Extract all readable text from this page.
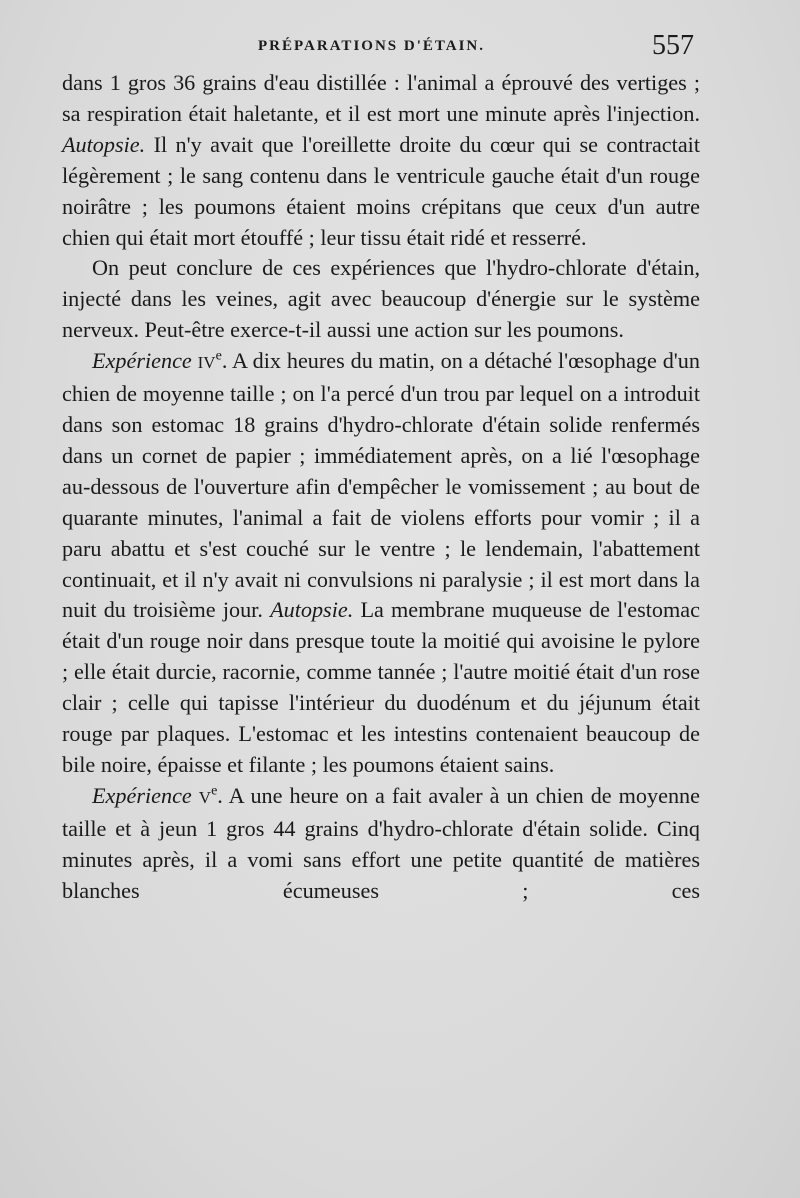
PRÉPARATIONS D'ÉTAIN.	557

dans 1 gros 36 grains d'eau distillée : l'animal a éprouvé des vertiges ; sa respiration était haletante, et il est mort une minute après l'injection. Autopsie. Il n'y avait que l'oreillette droite du cœur qui se contractait légèrement ; le sang contenu dans le ventricule gauche était d'un rouge noirâtre ; les poumons étaient moins crépitans que ceux d'un autre chien qui était mort étouffé ; leur tissu était ridé et resserré.

On peut conclure de ces expériences que l'hydro-chlorate d'étain, injecté dans les veines, agit avec beaucoup d'énergie sur le système nerveux. Peut-être exerce-t-il aussi une action sur les poumons.

Expérience IVe. A dix heures du matin, on a détaché l'œsophage d'un chien de moyenne taille ; on l'a percé d'un trou par lequel on a introduit dans son estomac 18 grains d'hydro-chlorate d'étain solide renfermés dans un cornet de papier ; immédiatement après, on a lié l'œsophage au-dessous de l'ouverture afin d'empêcher le vomissement ; au bout de quarante minutes, l'animal a fait de violens efforts pour vomir ; il a paru abattu et s'est couché sur le ventre ; le lendemain, l'abattement continuait, et il n'y avait ni convulsions ni paralysie ; il est mort dans la nuit du troisième jour. Autopsie. La membrane muqueuse de l'estomac était d'un rouge noir dans presque toute la moitié qui avoisine le pylore ; elle était durcie, racornie, comme tannée ; l'autre moitié était d'un rose clair ; celle qui tapisse l'intérieur du duodénum et du jéjunum était rouge par plaques. L'estomac et les intestins contenaient beaucoup de bile noire, épaisse et filante ; les poumons étaient sains.

Expérience Ve. A une heure on a fait avaler à un chien de moyenne taille et à jeun 1 gros 44 grains d'hydro-chlorate d'étain solide. Cinq minutes après, il a vomi sans effort une petite quantité de matières blanches écumeuses ; ces
